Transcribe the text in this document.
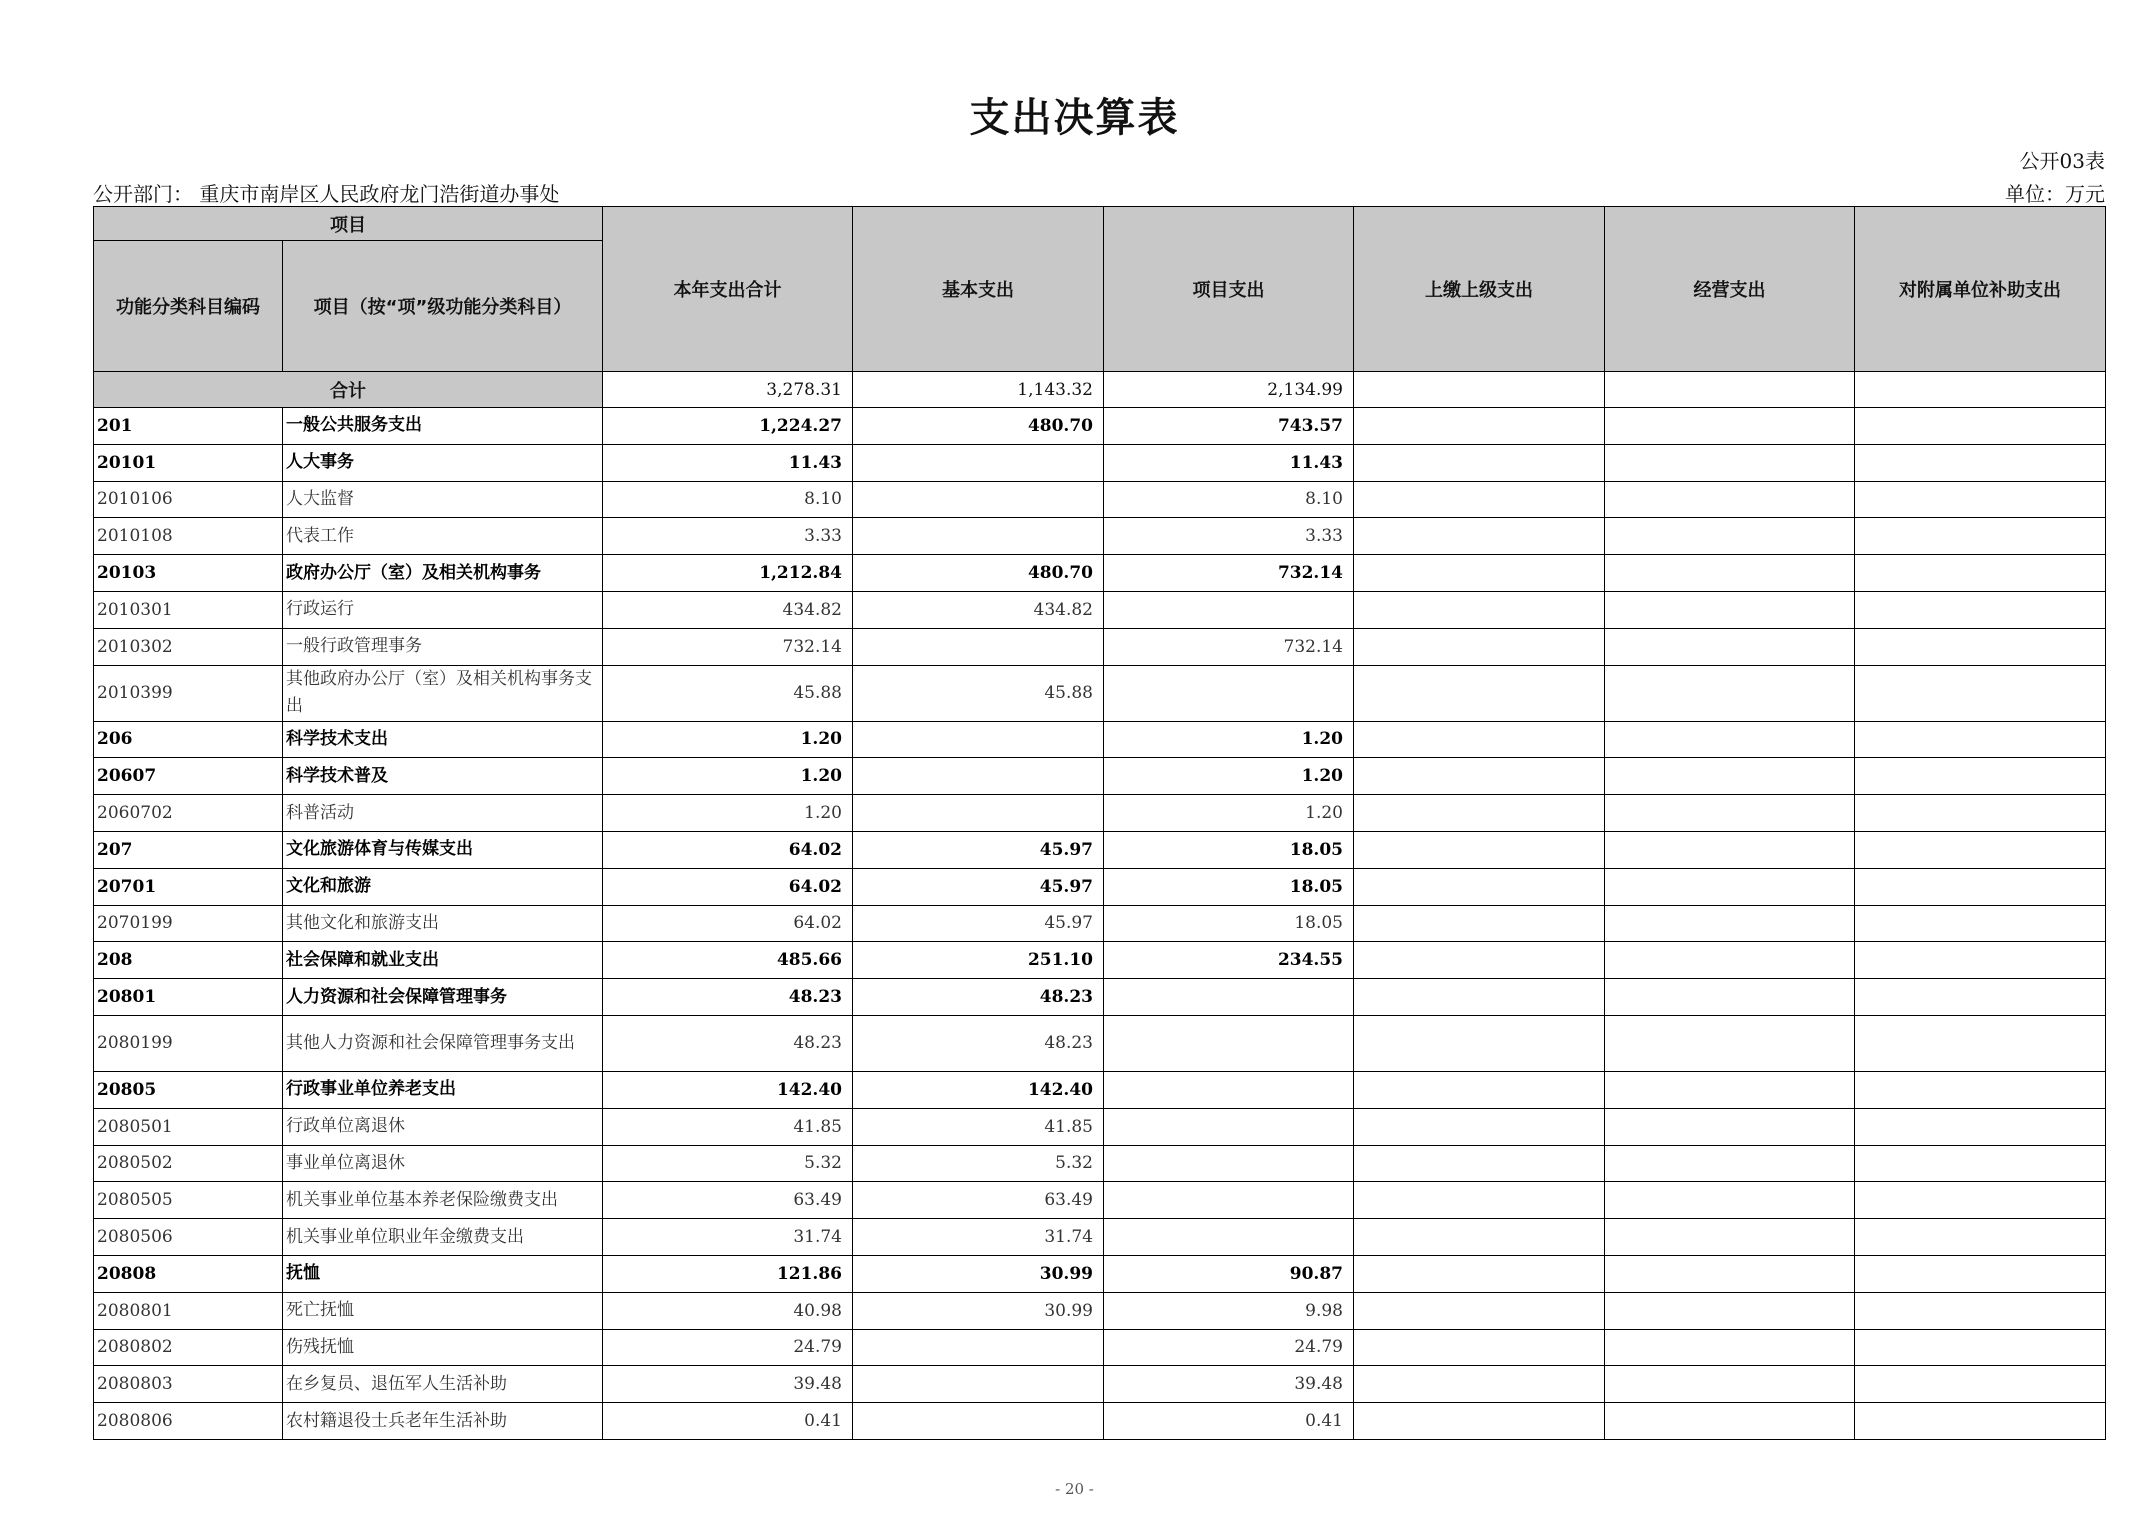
支出决算表
公开03表
公开部门： 重庆市南岸区人民政府龙门浩街道办事处	单位：万元
项目		本年支出合计	基本支出	项目支出	上缴上级支出	经营支出	对附属单位补助支出
功能分类科目编码	项目（按“项”级功能分类科目）						
合计		3,278.31	1,143.32	2,134.99			
201	一般公共服务支出	1,224.27	480.70	743.57			
20101	人大事务	11.43		11.43			
2010106	人大监督	8.10		8.10			
2010108	代表工作	3.33		3.33			
20103	政府办公厅（室）及相关机构事务	1,212.84	480.70	732.14			
2010301	行政运行	434.82	434.82				
2010302	一般行政管理事务	732.14		732.14			
2010399	其他政府办公厅（室）及相关机构事务支出	45.88	45.88				
206	科学技术支出	1.20		1.20			
20607	科学技术普及	1.20		1.20			
2060702	科普活动	1.20		1.20			
207	文化旅游体育与传媒支出	64.02	45.97	18.05			
20701	文化和旅游	64.02	45.97	18.05			
2070199	其他文化和旅游支出	64.02	45.97	18.05			
208	社会保障和就业支出	485.66	251.10	234.55			
20801	人力资源和社会保障管理事务	48.23	48.23				
2080199	其他人力资源和社会保障管理事务支出	48.23	48.23				
20805	行政事业单位养老支出	142.40	142.40				
2080501	行政单位离退休	41.85	41.85				
2080502	事业单位离退休	5.32	5.32				
2080505	机关事业单位基本养老保险缴费支出	63.49	63.49				
2080506	机关事业单位职业年金缴费支出	31.74	31.74				
20808	抚恤	121.86	30.99	90.87			
2080801	死亡抚恤	40.98	30.99	9.98			
2080802	伤残抚恤	24.79		24.79			
2080803	在乡复员、退伍军人生活补助	39.48		39.48			
2080806	农村籍退役士兵老年生活补助	0.41		0.41			
- 20 -
